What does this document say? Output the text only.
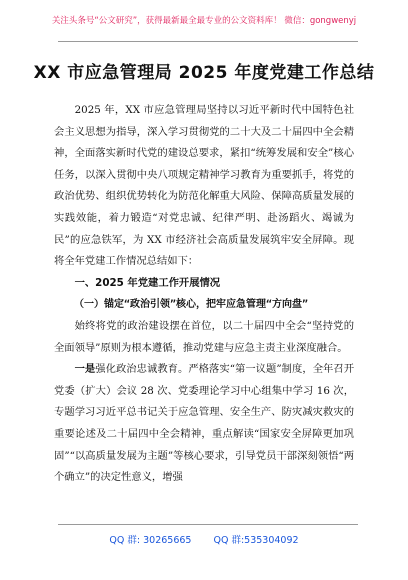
关注头条号“公文研究”，获得最新最全最专业的公文资料库！ 微信：gongwenyj
XX 市应急管理局 2025 年度党建工作总结

2025 年，XX 市应急管理局坚持以习近平新时代中国特色社会主义思想为指导，深入学习贯彻党的二十大及二十届四中全会精神，全面落实新时代党的建设总要求，紧扣“统筹发展和安全”核心任务，以深入贯彻中央八项规定精神学习教育为重要抓手，将党的政治优势、组织优势转化为防范化解重大风险、保障高质量发展的实践效能，着力锻造“对党忠诚、纪律严明、赴汤蹈火、竭诚为民”的应急铁军，为 XX 市经济社会高质量发展筑牢安全屏障。现将全年党建工作情况总结如下：

一、2025 年党建工作开展情况

（一）锚定“政治引领”核心，把牢应急管理“方向盘”

始终将党的政治建设摆在首位，以二十届四中全会“坚持党的全面领导”原则为根本遵循，推动党建与应急主责主业深度融合。

一是强化政治忠诚教育。严格落实“第一议题”制度，全年召开党委（扩大）会议 28 次、党委理论学习中心组集中学习 16 次，专题学习习近平总书记关于应急管理、安全生产、防灾减灾救灾的重要论述及二十届四中全会精神，重点解读“国家安全屏障更加巩固”“以高质量发展为主题”等核心要求，引导党员干部深刻领悟“两个确立”的决定性意义，增强

QQ 群: 30265665 QQ 群:535304092
